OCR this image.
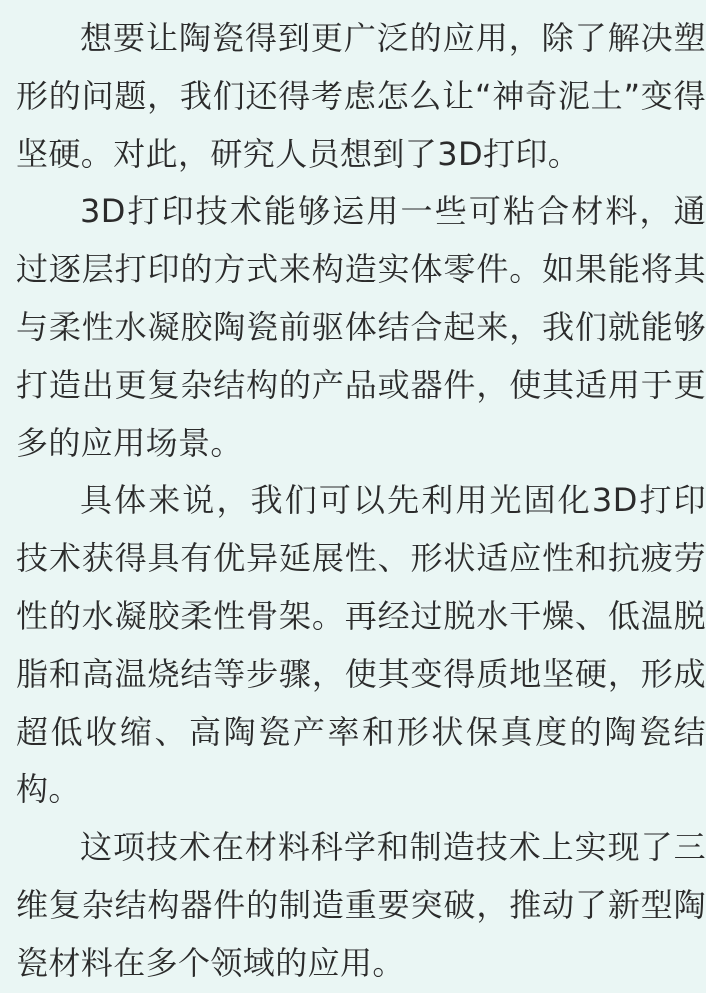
想要让陶瓷得到更广泛的应用，除了解决塑形的问题，我们还得考虑怎么让“神奇泥土”变得坚硬。对此，研究人员想到了3D打印。

3D打印技术能够运用一些可粘合材料，通过逐层打印的方式来构造实体零件。如果能将其与柔性水凝胶陶瓷前驱体结合起来，我们就能够打造出更复杂结构的产品或器件，使其适用于更多的应用场景。

具体来说，我们可以先利用光固化3D打印技术获得具有优异延展性、形状适应性和抗疲劳性的水凝胶柔性骨架。再经过脱水干燥、低温脱脂和高温烧结等步骤，使其变得质地坚硬，形成超低收缩、高陶瓷产率和形状保真度的陶瓷结构。

这项技术在材料科学和制造技术上实现了三维复杂结构器件的制造重要突破，推动了新型陶瓷材料在多个领域的应用。
